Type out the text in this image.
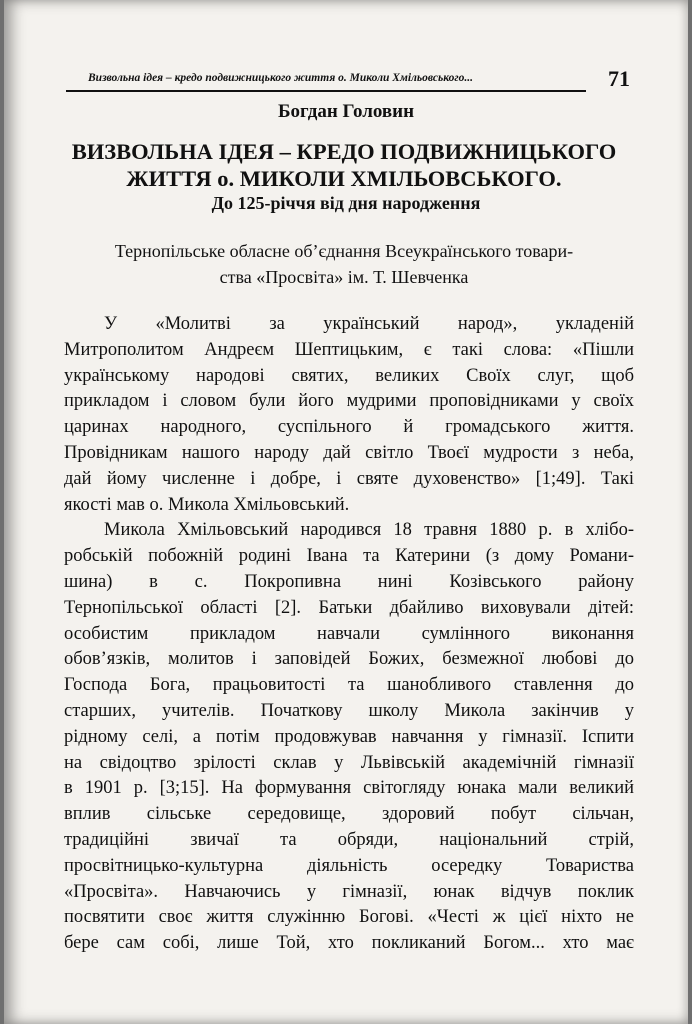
Визвольна ідея – кредо подвижницького життя о. Миколи Хмільовського...	71
Богдан Головин
ВИЗВОЛЬНА ІДЕЯ – КРЕДО ПОДВИЖНИЦЬКОГО
ЖИТТЯ о. МИКОЛИ ХМІЛЬОВСЬКОГО.
До 125-річчя від дня народження
Тернопільське обласне об’єднання Всеукраїнського товари-
ства «Просвіта» ім. Т. Шевченка
У «Молитві за український народ», укладеній
Митрополитом Андреєм Шептицьким, є такі слова: «Пішли
українському народові святих, великих Своїх слуг, щоб
прикладом і словом були його мудрими проповідниками у своїх
царинах народного, суспільного й громадського життя.
Провідникам нашого народу дай світло Твоєї мудрости з неба,
дай йому численне і добре, і святе духовенство» [1;49]. Такі
якості мав о. Микола Хмільовський.
Микола Хмільовський народився 18 травня 1880 р. в хлібо-
робській побожній родині Івана та Катерини (з дому Романи-
шина) в с. Покропивна нині Козівського району
Тернопільської області [2]. Батьки дбайливо виховували дітей:
особистим прикладом навчали сумлінного виконання
обов’язків, молитов і заповідей Божих, безмежної любові до
Господа Бога, працьовитості та шанобливого ставлення до
старших, учителів. Початкову школу Микола закінчив у
рідному селі, а потім продовжував навчання у гімназії. Іспити
на свідоцтво зрілості склав у Львівській академічній гімназії
в 1901 р. [3;15]. На формування світогляду юнака мали великий
вплив сільське середовище, здоровий побут сільчан,
традиційні звичаї та обряди, національний стрій,
просвітницько-культурна діяльність осередку Товариства
«Просвіта». Навчаючись у гімназії, юнак відчув поклик
посвятити своє життя служінню Богові. «Честі ж цієї ніхто не
бере сам собі, лише Той, хто покликаний Богом... хто має
